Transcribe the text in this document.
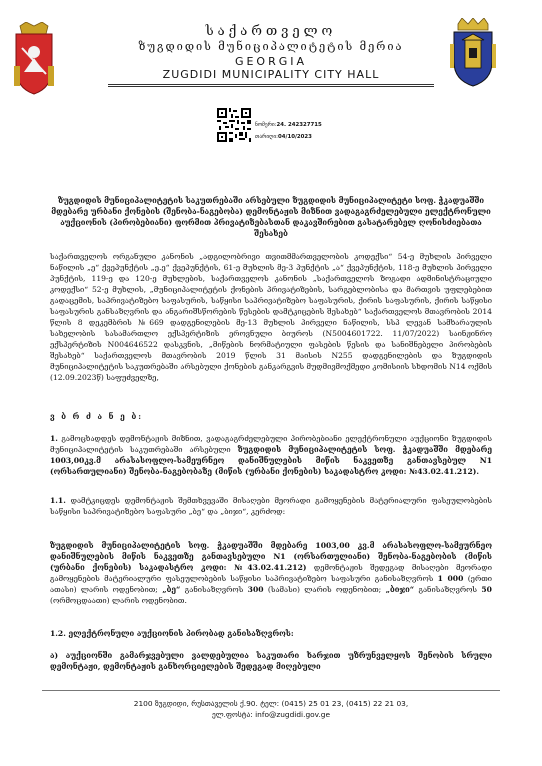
საქართველო
ზუგდიდის მუნიციპალიტეტის მერია
GEORGIA
ZUGDIDI MUNICIPALITY CITY HALL
ნომერი:24. 242327715
თარიღი:04/10/2023
ზუგდიდის მუნიციპალიტეტის საკუთრებაში არსებული ზუგდიდის მუნიციპალიტეტი სოფ. ჭკადუაშში მდებარე ურბანი ქონების (შენობა-ნაგებობა) დემონტაჟის მიზნით ვადაგაგრძელებული ელექტრონული აუქციონის (პირობებიანი) ფორმით პრივატიზებასთან დაკავშირებით გასატარებელ ღონისძიებათა შესახებ
საქართველოს ორგანული კანონის „ადგილობრივი თვითმმართველობის კოდექსი“ 54-ე მუხლის პირველი ნაწილის „ე“ ქვეპუნქტის „ე.ე“ ქვეპუნქტის, 61-ე მუხლის მე-3 პუნქტის „ა“ ქვეპუნქტის, 118-ე მუხლის პირველი პუნქტის, 119-ე და 120-ე მუხლების, საქართველოს კანონის „საქართველოს ზოგადი ადმინისტრაციული კოდექსი“ 52-ე მუხლის, „მუნიციპალიტეტის ქონების პრივატიზების, სარგებლობისა და მართვის უფლებებით გადაცემის, საპრივატიზებო საფასურის, საწყისი საპრივატიზებო საფასურის, ქირის საფასურის, ქირის საწყისი საფასურის განსაზღვრის და ანგარიშსწორების წესების დამტკიცების შესახებ“ საქართველოს მთავრობის 2014 წლის 8 დეკემბრის №669 დადგენილების მე-13 მუხლის პირველი ნაწილის, სსპ ლევან სამხარაულის სახელობის სასამართლო ექსპერტიზის ეროვნული ბიუროს (N5004601722. 11/07/2022) საინჟინრო ექსპერტიზის N004646522 დასკვნის, „მიწების ნორმატიული ფასების წესის და სანიშნებელი პირობების შესახებ“ საქართველოს მთავრობის 2019 წლის 31 მაისის N255 დადგენილების და ზუგდიდის მუნიციპალიტეტის საკუთრებაში არსებული ქონების განკარგვის მუდმივმოქმედი კომისიის სხდომის N14 ოქმის (12.09.2023წ) საფუძველზე,
ვ ბ რ ძ ა ნ ე ბ:
1. გამოცხადდეს დემონტაჟის მიზნით, ვადაგაგრძელებული პირობებიანი ელექტრონული აუქციონი ზუგდიდის მუნიციპალიტეტის საკუთრებაში არსებული ზუგდიდის მუნიციპალიტეტის სოფ. ჭკადუაშში მდებარე 1003,00კვ.მ არასასოფლო-სამეურნეო დანიშნულების მიწის ნაკვეთზე განთავსებულ N1 (ორსართულიანი) შენობა-ნაგებობაზე (მიწის (ურბანი ქონების) საკადასტრო კოდი: №43.02.41.212).
1.1. დამტკიცდეს დემონტაჟის შემთხვევაში მისაღები მეორადი გამოყენების მატერიალური ფასეულობების საწყისი საპრივატიზებო საფასური „ბე“ და „ბიჯი“, კერძოდ:
ზუგდიდის მუნიციპალიტეტის სოფ. ჭკადუაშში მდებარე 1003,00 კვ.მ არასასოფლო-სამეურნეო დანიშნულების მიწის ნაკვეთზე განთავსებული N1 (ორსართულიანი) შენობა-ნაგებობის (მიწის (ურბანი ქონების) საკადასტრო კოდი: №43.02.41.212) დემონტაჟის შედეგად მისაღები მეორადი გამოყენების მატერიალური ფასეულობების საწყისი საპრივატიზებო საფასური განისაზღვროს 1 000 (ერთი ათასი) ლარის ოდენობით; „ბე“ განისაზღვროს 300 (სამასი) ლარის ოდენობით; „ბიჯი“ განისაზღვროს 50 (ორმოცდაათი) ლარის ოდენობით.
1.2. ელექტრონული აუქციონის პირობად განისაზღვროს:
ა) აუქციონში გამარჯვებული ვალდებულია საკუთარი ხარჯით უზრუნველყოს შენობის სრული დემონტაჟი, დემონტაჟის განხორციელების შედეგად მიღებული
2100 ზუგდიდი, რუსთაველის ქ.90. ტელ: (0415) 25 01 23, (0415) 22 21 03,
ელ.ფოსტა: info@zugdidi.gov.ge
